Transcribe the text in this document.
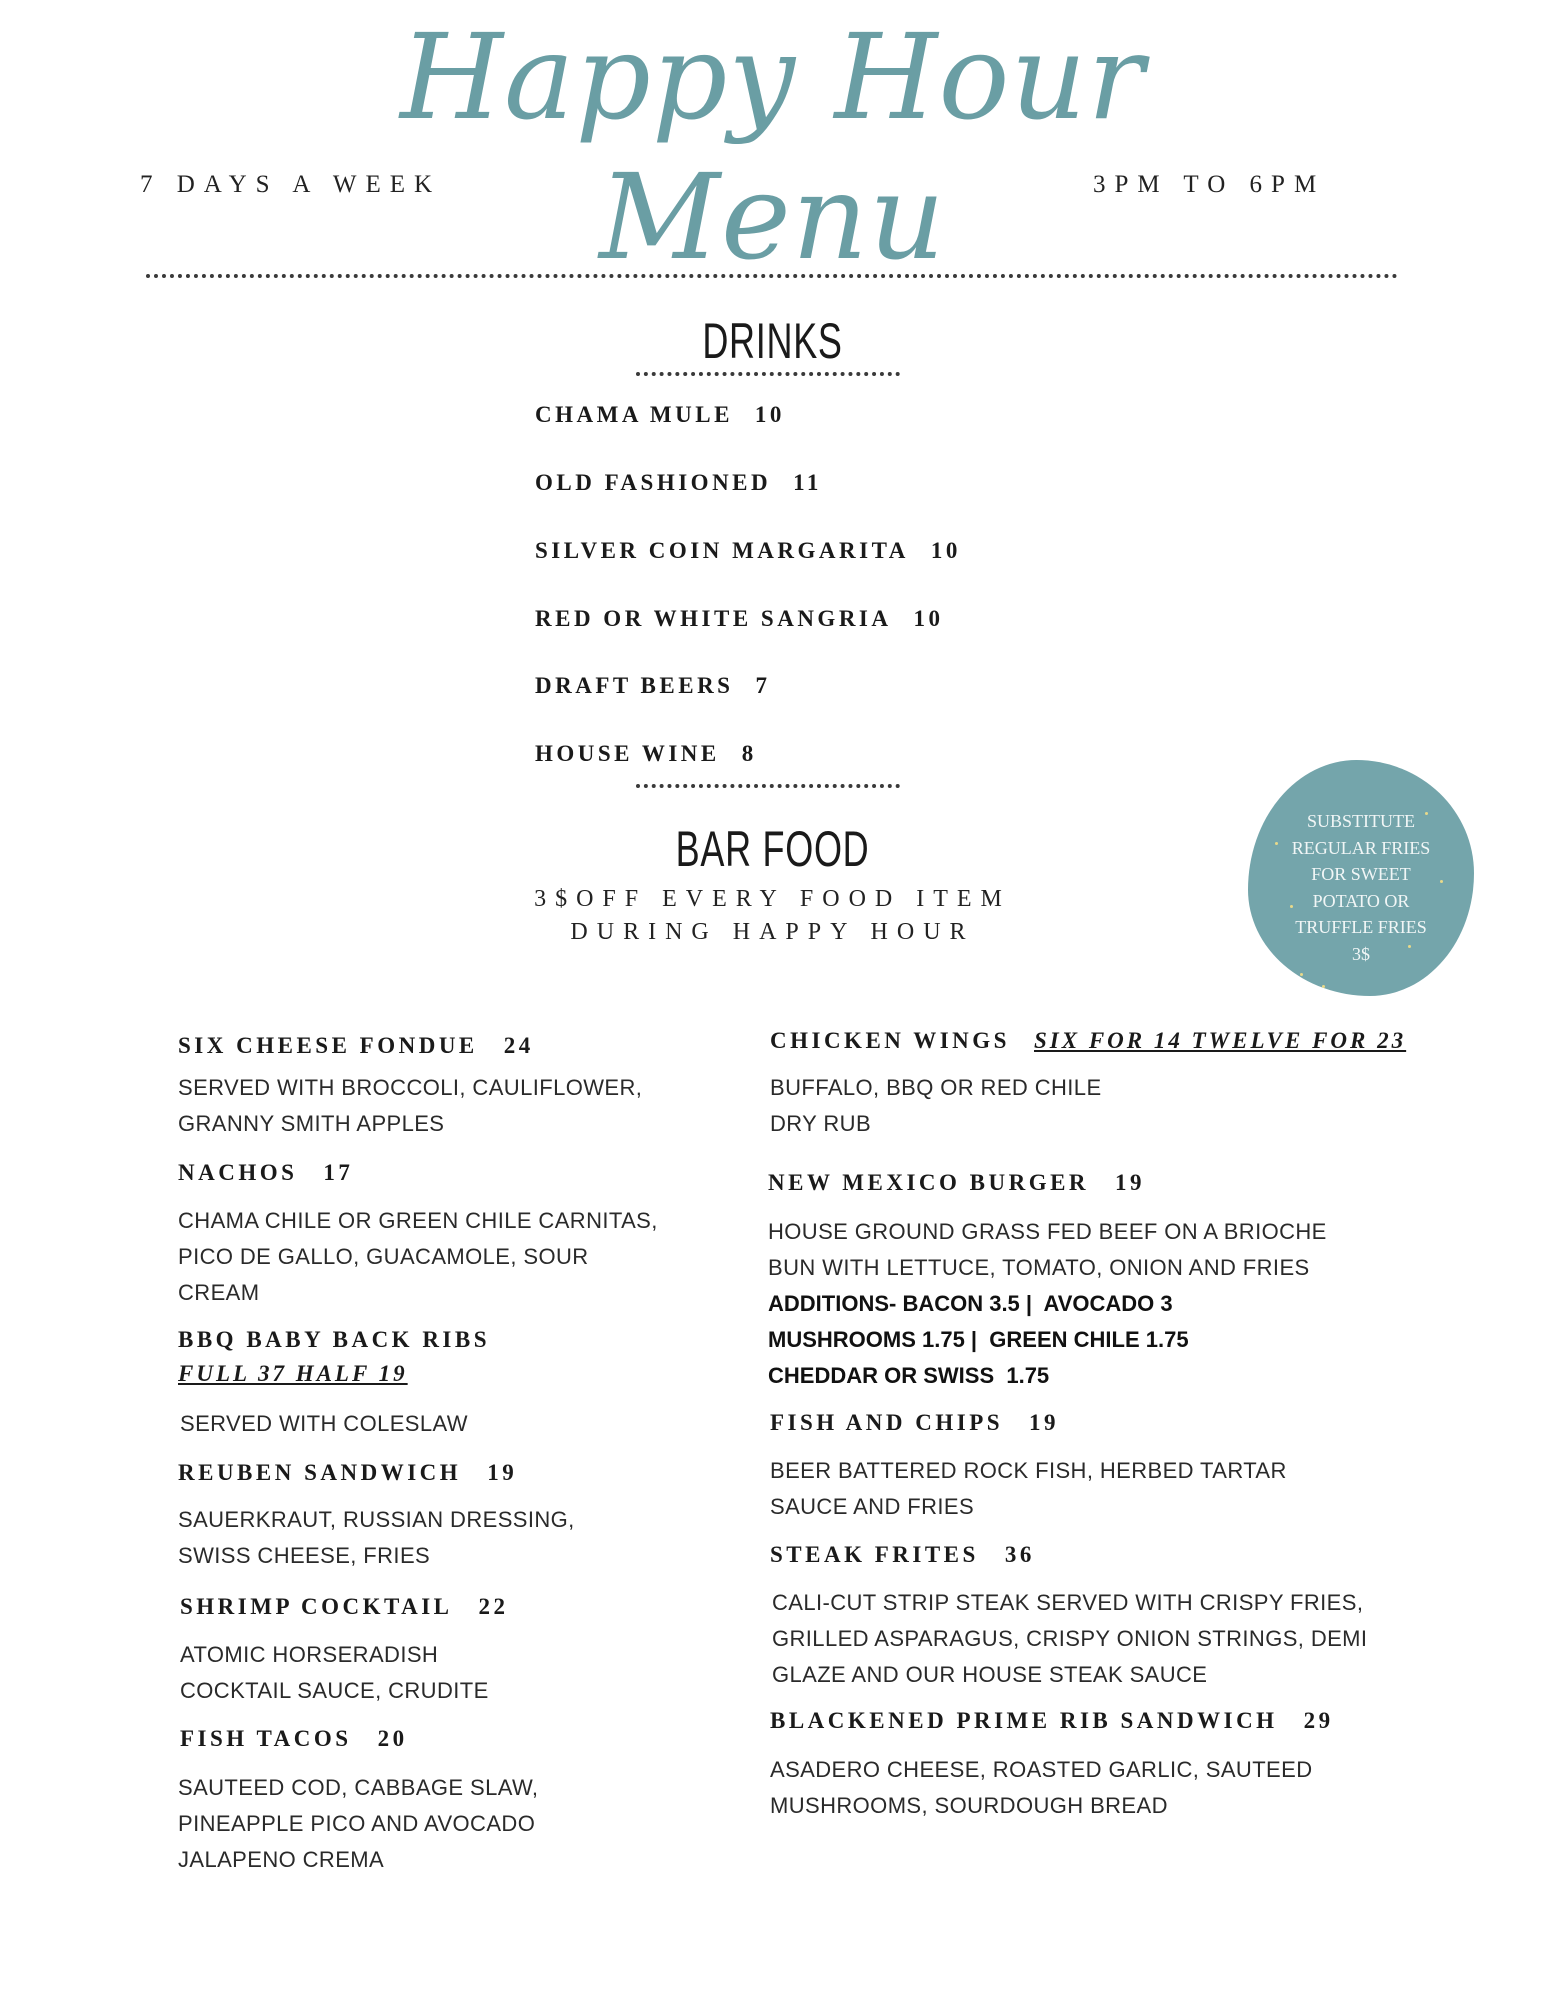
Happy Hour
Menu
7 DAYS A WEEK	3PM TO 6PM
DRINKS
CHAMA MULE 10
OLD FASHIONED 11
SILVER COIN MARGARITA 10
RED OR WHITE SANGRIA 10
DRAFT BEERS 7
HOUSE WINE 8
BAR FOOD
3$OFF EVERY FOOD ITEM
DURING HAPPY HOUR
SUBSTITUTE
REGULAR FRIES
FOR SWEET
POTATO OR
TRUFFLE FRIES
3$
SIX CHEESE FONDUE 24
SERVED WITH BROCCOLI, CAULIFLOWER,
GRANNY SMITH APPLES
NACHOS 17
CHAMA CHILE OR GREEN CHILE CARNITAS,
PICO DE GALLO, GUACAMOLE, SOUR
CREAM
BBQ BABY BACK RIBS
FULL 37 HALF 19
SERVED WITH COLESLAW
REUBEN SANDWICH 19
SAUERKRAUT, RUSSIAN DRESSING,
SWISS CHEESE, FRIES
SHRIMP COCKTAIL 22
ATOMIC HORSERADISH
COCKTAIL SAUCE, CRUDITE
FISH TACOS 20
SAUTEED COD, CABBAGE SLAW,
PINEAPPLE PICO AND AVOCADO
JALAPENO CREMA
CHICKEN WINGS SIX FOR 14 TWELVE FOR 23
BUFFALO, BBQ OR RED CHILE
DRY RUB
NEW MEXICO BURGER 19
HOUSE GROUND GRASS FED BEEF ON A BRIOCHE
BUN WITH LETTUCE, TOMATO, ONION AND FRIES
ADDITIONS- BACON 3.5 |  AVOCADO 3
MUSHROOMS 1.75 |  GREEN CHILE 1.75
CHEDDAR OR SWISS  1.75
FISH AND CHIPS 19
BEER BATTERED ROCK FISH, HERBED TARTAR
SAUCE AND FRIES
STEAK FRITES 36
CALI-CUT STRIP STEAK SERVED WITH CRISPY FRIES,
GRILLED ASPARAGUS, CRISPY ONION STRINGS, DEMI
GLAZE AND OUR HOUSE STEAK SAUCE
BLACKENED PRIME RIB SANDWICH 29
ASADERO CHEESE, ROASTED GARLIC, SAUTEED
MUSHROOMS, SOURDOUGH BREAD
